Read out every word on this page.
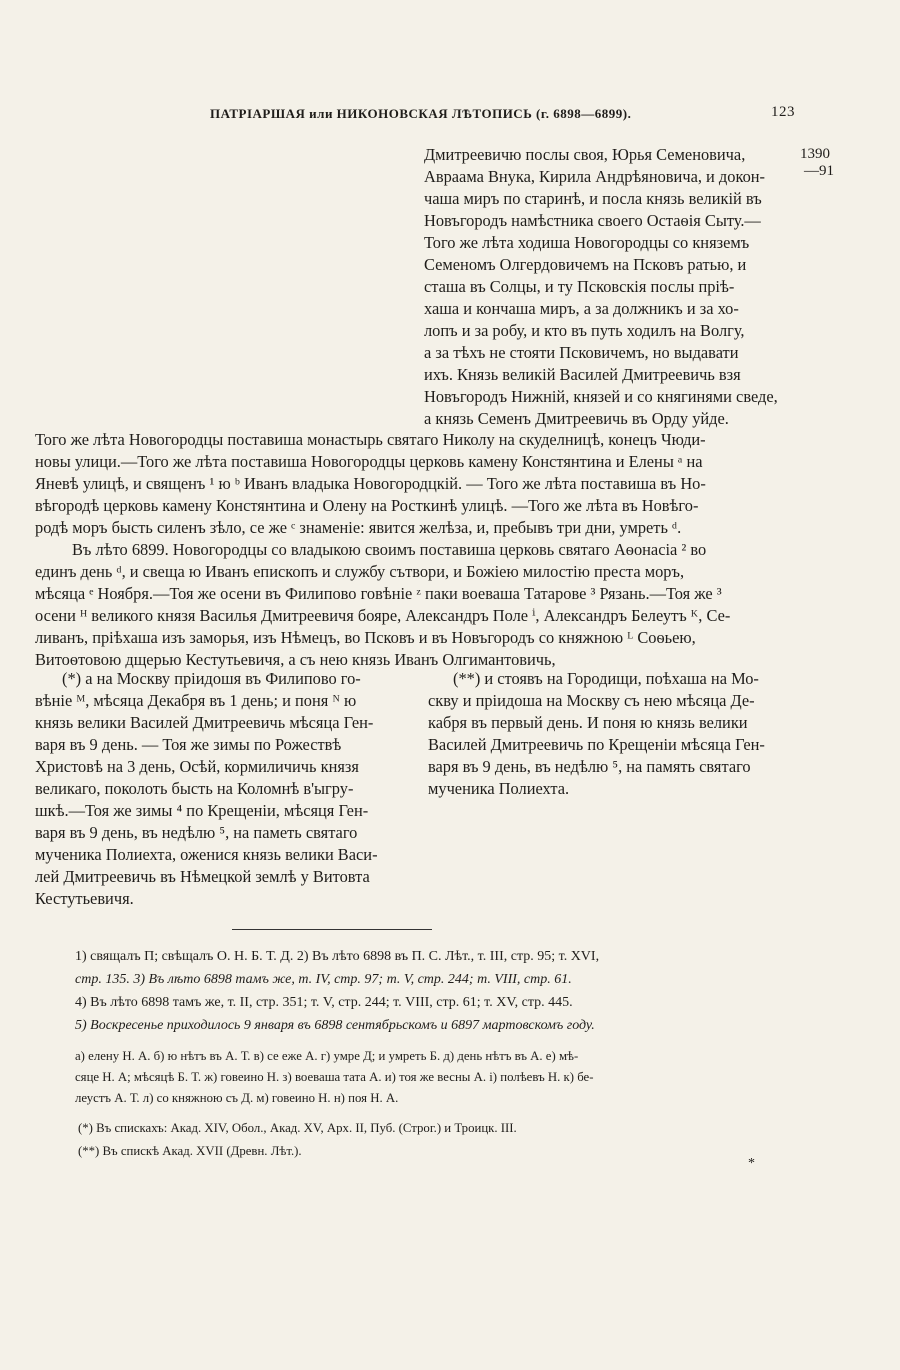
ПАТРІАРШАЯ или НИКОНОВСКАЯ ЛѢТОПИСЬ (г. 6898—6899).	123
1390
—91
Дмитреевичю послы своя, Юрья Семеновича,
Авраама Внука, Кирила Андрѣяновича, и докон-
чаша миръ по старинѣ, и посла князь великій въ
Новъгородъ намѣстника своего Остаѳія Сыту.—
Того же лѣта ходиша Новогородцы со княземъ
Семеномъ Олгердовичемъ на Псковъ ратью, и
сташа въ Солцы, и ту Псковскія послы пріѣ-
хаша и кончаша миръ, а за должникъ и за хо-
лопъ и за робу, и кто въ путь ходилъ на Волгу,
а за тѣхъ не стояти Псковичемъ, но выдавати
ихъ. Князь великій Василей Дмитреевичь взя
Новъгородъ Нижній, князей и со княгинями сведе,
а князь Семенъ Дмитреевичь въ Орду уйде.
Того же лѣта Новогородцы поставиша монастырь святаго Николу на скуделницѣ, конецъ Чюди-
новы улици.—Того же лѣта поставиша Новогородцы церковь камену Констянтина и Елены ᵃ на
Яневѣ улицѣ, и священъ ¹ ю ᵇ Иванъ владыка Новогородцкій. — Того же лѣта поставиша въ Но-
вѣгородѣ церковь камену Констянтина и Олену на Росткинѣ улицѣ. —Того же лѣта въ Новѣго-
родѣ моръ бысть силенъ зѣло, се же ᶜ знаменіе: явится желѣза, и, пребывъ три дни, умреть ᵈ.
Въ лѣто 6899. Новогородцы со владыкою своимъ поставиша церковь святаго Аѳонасіа ² во
единъ день ᵈ, и свеща ю Иванъ епископъ и службу сътвори, и Божіею милостію преста моръ,
мѣсяца ᵉ Ноября.—Тоя же осени въ Филипово говѣніе ᶻ паки воеваша Татарове ³ Рязань.—Тоя же ³
осени ᴴ великого князя Василья Дмитреевичя бояре, Александръ Поле ⁱ, Александръ Белеутъ ᴷ, Се-
ливанъ, пріѣхаша изъ заморья, изъ Нѣмецъ, во Псковъ и въ Новъгородъ со княжною ᴸ Соѳьею,
Витоѳтовою дщерью Кестутьевичя, а съ нею князь Иванъ Олгимантовичь,
(*) а на Москву пріидошя въ Филипово го-
вѣніе ᴹ, мѣсяца Декабря въ 1 день; и поня ᴺ ю
князь велики Василей Дмитреевичь мѣсяца Ген-
варя въ 9 день. — Тоя же зимы по Рожествѣ
Христовѣ на 3 день, Осѣй, кормиличичь князя
великаго, поколоть бысть на Коломнѣ в'ыгру-
шкѣ.—Тоя же зимы ⁴ по Крещеніи, мѣсяця Ген-
варя въ 9 день, въ недѣлю ⁵, на паметь святаго
мученика Полиехта, оженися князь велики Васи-
лей Дмитреевичь въ Нѣмецкой землѣ у Витовта
Кестутьевичя.
(**) и стоявъ на Городищи, поѣхаша на Мо-
скву и пріидоша на Москву съ нею мѣсяца Де-
кабря въ первый день. И поня ю князь велики
Василей Дмитреевичь по Крещеніи мѣсяца Ген-
варя въ 9 день, въ недѣлю ⁵, на память святаго
мученика Полиехта.
1) свящалъ П; свѣщалъ О. Н. Б. Т. Д. 2) Въ лѣто 6898 въ П. С. Лѣт., т. III, стр. 95; т. XVI,
стр. 135. 3) Въ лѣто 6898 тамъ же, т. IV, стр. 97; т. V, стр. 244; т. VIII, стр. 61.
4) Въ лѣто 6898 тамъ же, т. II, стр. 351; т. V, стр. 244; т. VIII, стр. 61; т. XV, стр. 445.
5) Воскресенье приходилось 9 января въ 6898 сентябрьскомъ и 6897 мартовскомъ году.
а) елену Н. А. б) ю нѣтъ въ А. Т. в) се еже А. г) умре Д; и умреть Б. д) день нѣтъ въ А. е) мѣ-
сяце Н. А; мѣсяцѣ Б. Т. ж) говеино Н. з) воеваша тата А. и) тоя же весны А. і) полѣевъ Н. к) бе-
леустъ А. Т. л) со княжною съ Д. м) говеино Н. н) поя Н. А.
(*) Въ спискахъ: Акад. XIV, Обол., Акад. XV, Арх. II, Пуб. (Строг.) и Троицк. III.
(**) Въ спискѣ Акад. XVII (Древн. Лѣт.).
*
